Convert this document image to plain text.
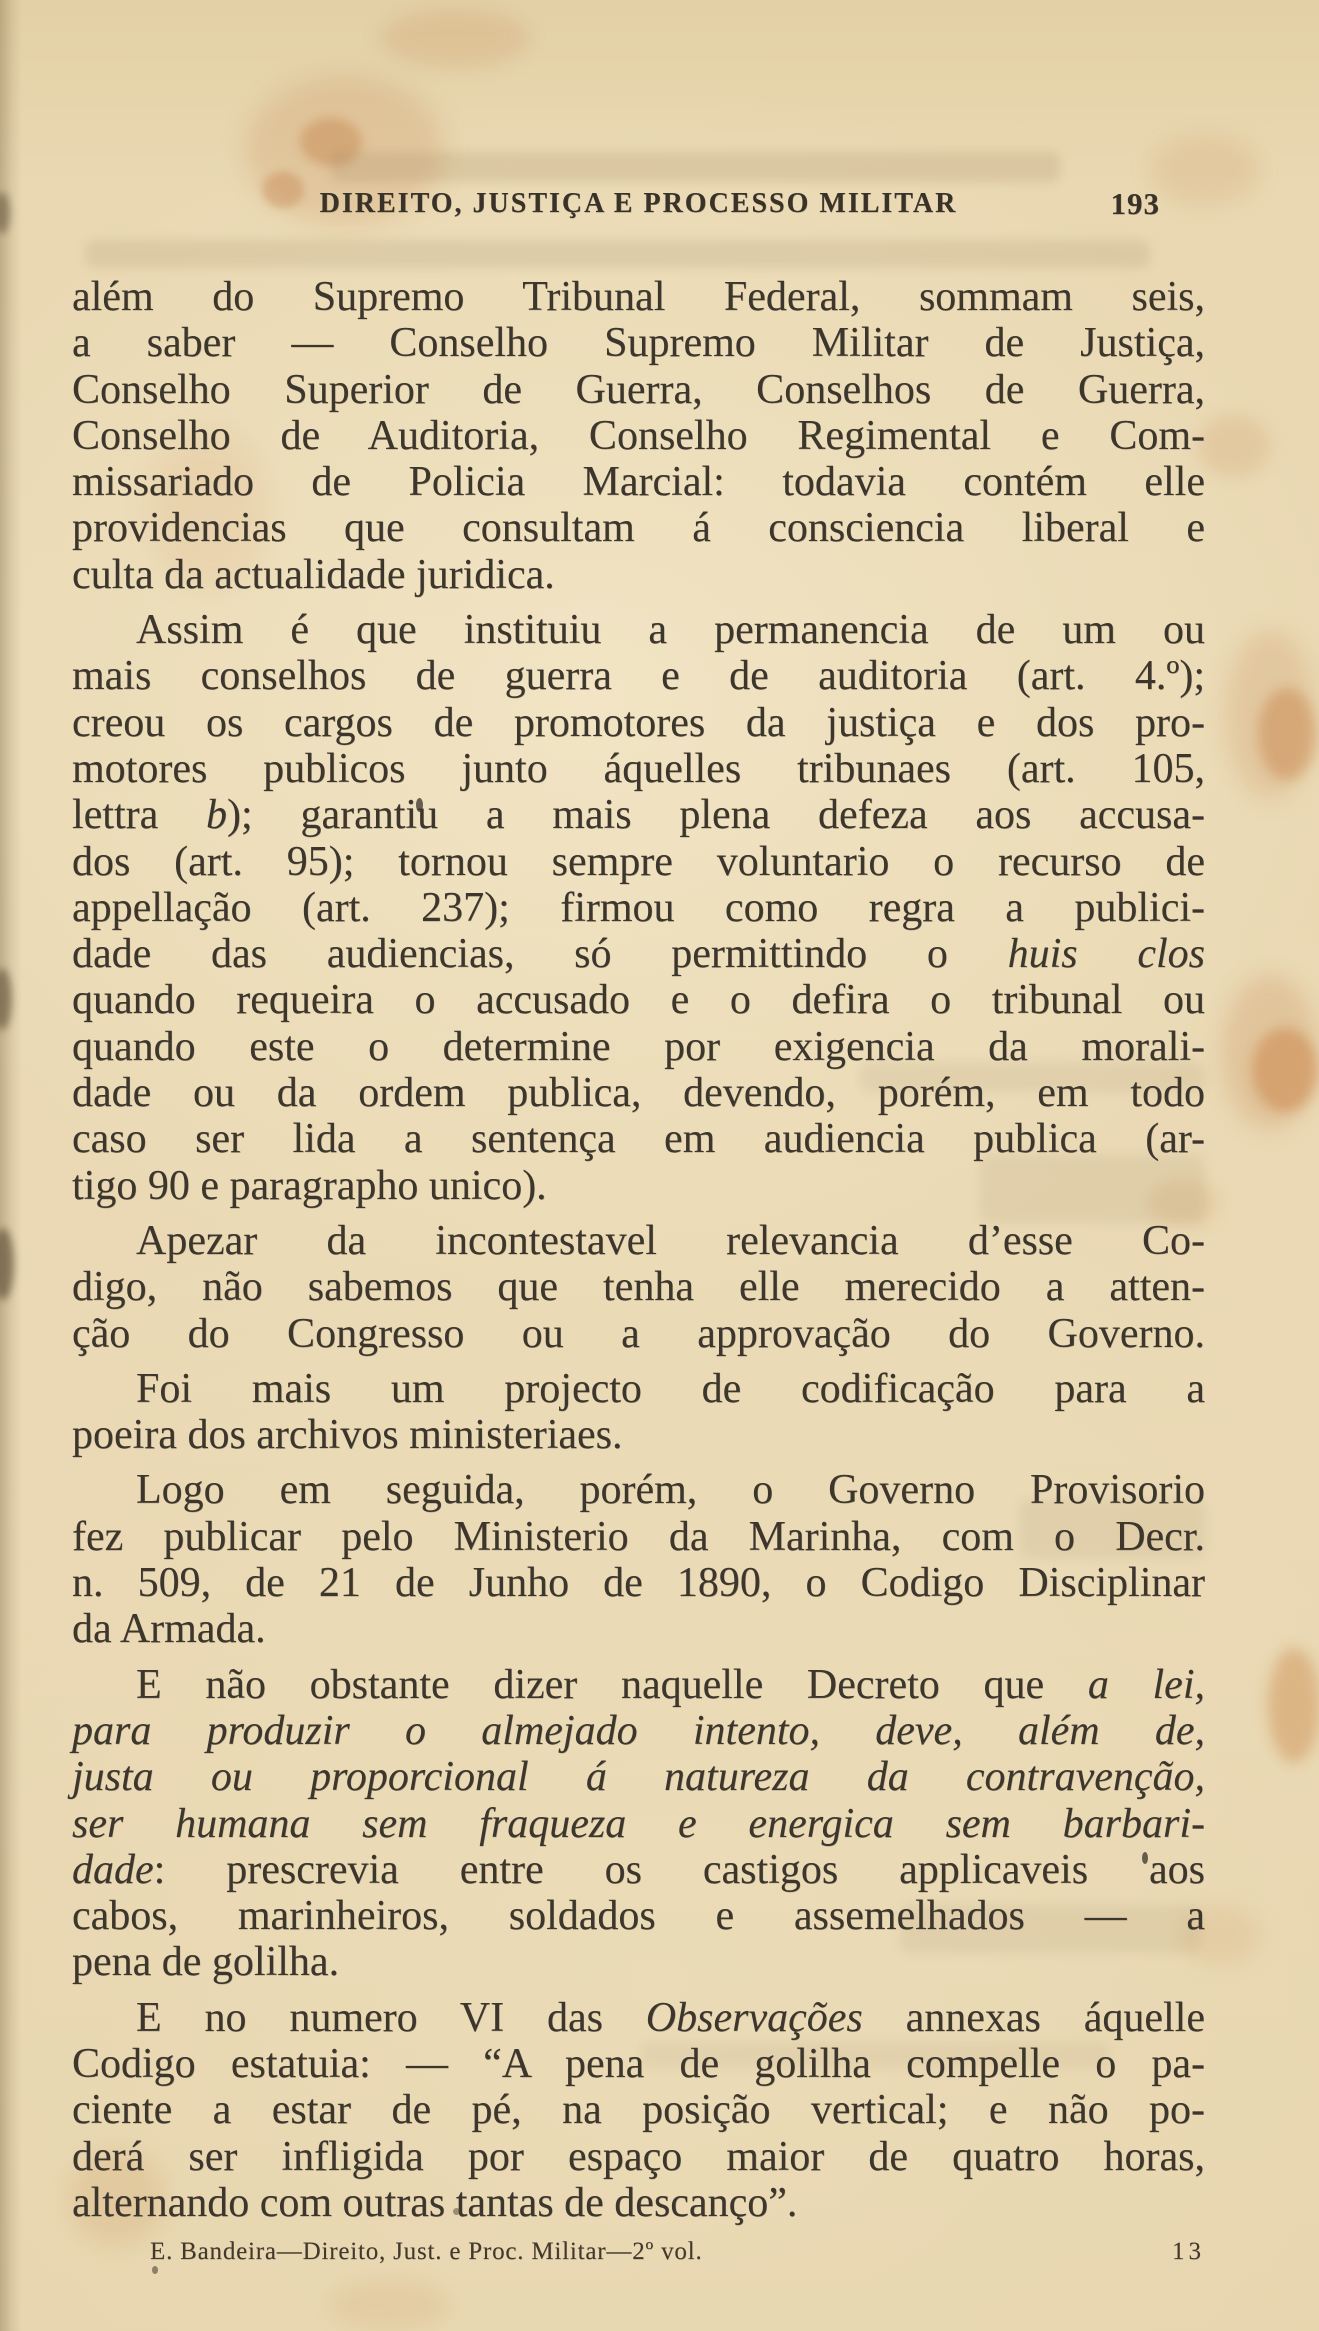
DIREITO, JUSTIÇA E PROCESSO MILITAR	193
além do Supremo Tribunal Federal, sommam seis,
a saber — Conselho Supremo Militar de Justiça,
Conselho Superior de Guerra, Conselhos de Guerra,
Conselho de Auditoria, Conselho Regimental e Com-
missariado de Policia Marcial: todavia contém elle
providencias que consultam á consciencia liberal e
culta da actualidade juridica.
Assim é que instituiu a permanencia de um ou
mais conselhos de guerra e de auditoria (art. 4.º);
creou os cargos de promotores da justiça e dos pro-
motores publicos junto áquelles tribunaes (art. 105,
lettra b); garantiu a mais plena defeza aos accusa-
dos (art. 95); tornou sempre voluntario o recurso de
appellação (art. 237); firmou como regra a publici-
dade das audiencias, só permittindo o huis clos
quando requeira o accusado e o defira o tribunal ou
quando este o determine por exigencia da morali-
dade ou da ordem publica, devendo, porém, em todo
caso ser lida a sentença em audiencia publica (ar-
tigo 90 e paragrapho unico).
Apezar da incontestavel relevancia d’esse Co-
digo, não sabemos que tenha elle merecido a atten-
ção do Congresso ou a approvação do Governo.
Foi mais um projecto de codificação para a
poeira dos archivos ministeriaes.
Logo em seguida, porém, o Governo Provisorio
fez publicar pelo Ministerio da Marinha, com o Decr.
n. 509, de 21 de Junho de 1890, o Codigo Disciplinar
da Armada.
E não obstante dizer naquelle Decreto que a lei,
para produzir o almejado intento, deve, além de,
justa ou proporcional á natureza da contravenção,
ser humana sem fraqueza e energica sem barbari-
dade: prescrevia entre os castigos applicaveis aos
cabos, marinheiros, soldados e assemelhados — a
pena de golilha.
E no numero VI das Observações annexas áquelle
Codigo estatuia: — “A pena de golilha compelle o pa-
ciente a estar de pé, na posição vertical; e não po-
derá ser infligida por espaço maior de quatro horas,
alternando com outras tantas de descanço”.
E. Bandeira—Direito, Just. e Proc. Militar—2º vol.	13
